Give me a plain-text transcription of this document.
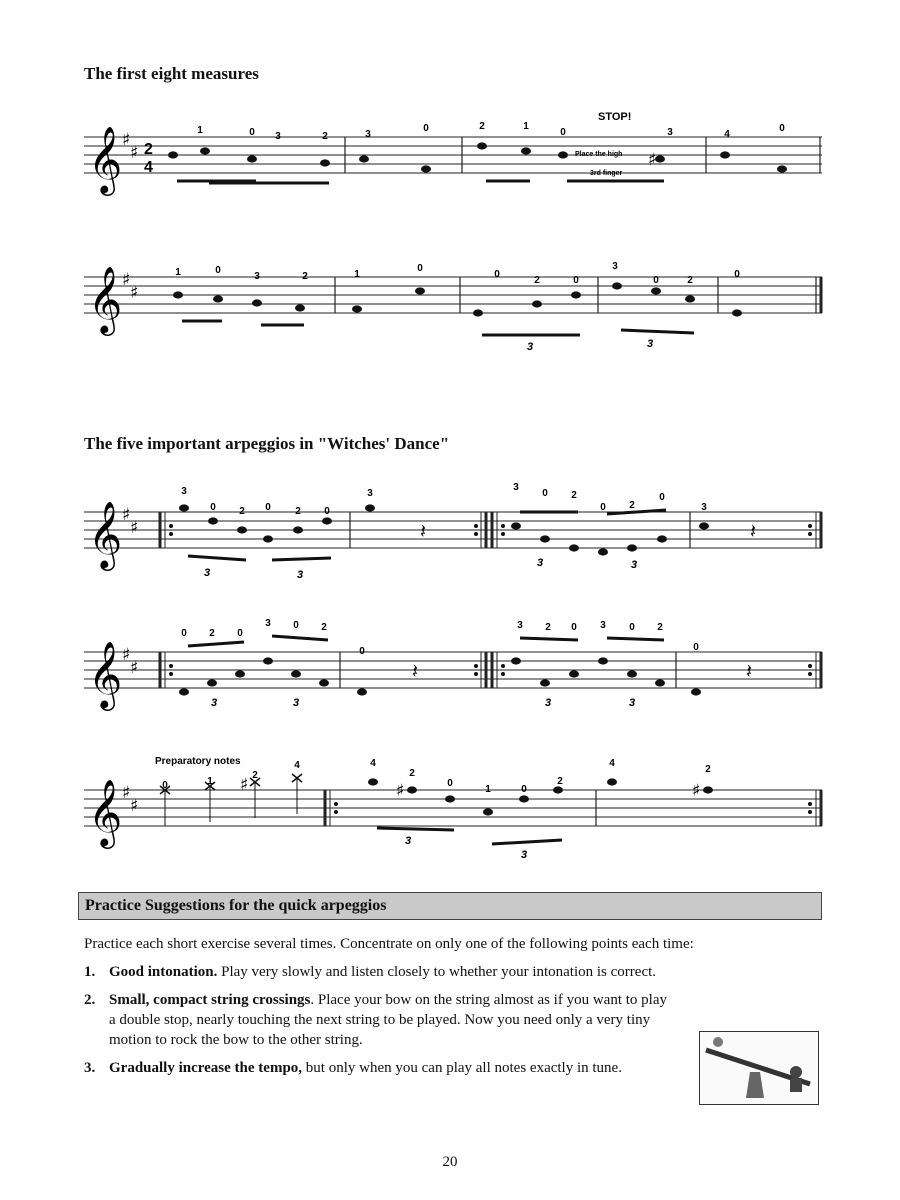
The first eight measures
𝄞 ♯
♯ 2
4	♯
STOP!
Place the high
3rd finger
1	0 3	2	3
0	2	1
0	3	4
0
𝄞 ♯
♯
3	3
1	0
3	2	1
0
0
2	0
3
0	2
0
The five important arpeggios in "Witches' Dance"
𝄞 ♯
♯	𝄽	𝄽
3	3
3	3
3
0 2 0 2 0
3
3
0 2
0 2
0
3
𝄞 ♯
♯	𝄽	𝄽
3	3	3	3
0 2 0
3 0 2
0
3 2 0 3 0 2
0
𝄞 ♯
♯
Preparatory notes
♯	♯	♯
3
3
0	1
2
4	4
2
0
1	0
2
4
2
Practice Suggestions for the quick arpeggios

Practice each short exercise several times. Concentrate on only one of the following points each time:

1. Good intonation. Play very slowly and listen closely to whether your intonation is correct.
2. Small, compact string crossings. Place your bow on the string almost as if you want to play a double stop, nearly touching the next string to be played. Now you need only a very tiny motion to rock the bow to the other string.
3. Gradually increase the tempo, but only when you can play all notes exactly in tune.
20
